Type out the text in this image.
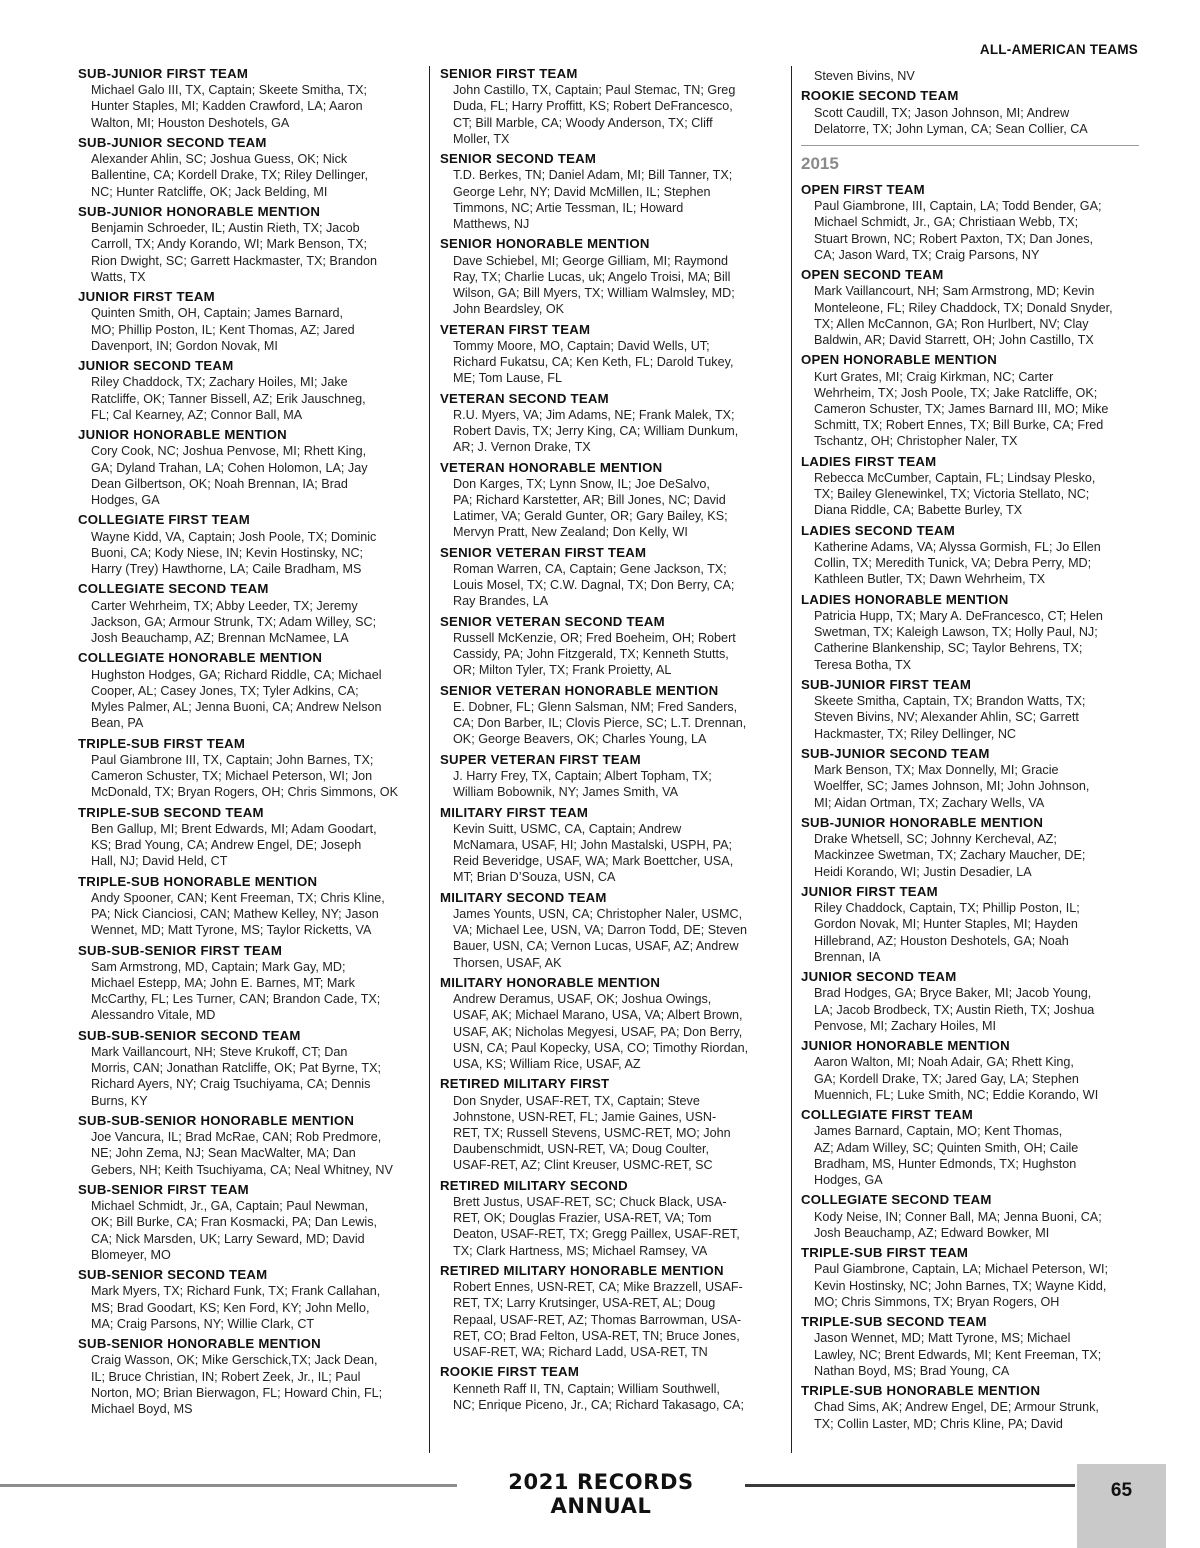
ALL-AMERICAN TEAMS
SUB-JUNIOR FIRST TEAM
Michael Galo III, TX, Captain; Skeete Smitha, TX;
Hunter Staples, MI; Kadden Crawford, LA; Aaron
Walton, MI; Houston Deshotels, GA
SUB-JUNIOR SECOND TEAM
Alexander Ahlin, SC; Joshua Guess, OK; Nick
Ballentine, CA; Kordell Drake, TX; Riley Dellinger,
NC; Hunter Ratcliffe, OK; Jack Belding, MI
SUB-JUNIOR HONORABLE MENTION
Benjamin Schroeder, IL; Austin Rieth, TX; Jacob
Carroll, TX; Andy Korando, WI; Mark Benson, TX;
Rion Dwight, SC; Garrett Hackmaster, TX; Brandon
Watts, TX
JUNIOR FIRST TEAM
Quinten Smith, OH, Captain; James Barnard,
MO; Phillip Poston, IL; Kent Thomas, AZ; Jared
Davenport, IN; Gordon Novak, MI
JUNIOR SECOND TEAM
Riley Chaddock, TX; Zachary Hoiles, MI; Jake
Ratcliffe, OK; Tanner Bissell, AZ; Erik Jauschneg,
FL; Cal Kearney, AZ; Connor Ball, MA
JUNIOR HONORABLE MENTION
Cory Cook, NC; Joshua Penvose, MI; Rhett King,
GA; Dyland Trahan, LA; Cohen Holomon, LA; Jay
Dean Gilbertson, OK; Noah Brennan, IA; Brad
Hodges, GA
COLLEGIATE FIRST TEAM
Wayne Kidd, VA, Captain; Josh Poole, TX; Dominic
Buoni, CA; Kody Niese, IN; Kevin Hostinsky, NC;
Harry (Trey) Hawthorne, LA; Caile Bradham, MS
COLLEGIATE SECOND TEAM
Carter Wehrheim, TX; Abby Leeder, TX; Jeremy
Jackson, GA; Armour Strunk, TX; Adam Willey, SC;
Josh Beauchamp, AZ; Brennan McNamee, LA
COLLEGIATE HONORABLE MENTION
Hughston Hodges, GA; Richard Riddle, CA; Michael
Cooper, AL; Casey Jones, TX; Tyler Adkins, CA;
Myles Palmer, AL; Jenna Buoni, CA; Andrew Nelson
Bean, PA
TRIPLE-SUB FIRST TEAM
Paul Giambrone III, TX, Captain; John Barnes, TX;
Cameron Schuster, TX; Michael Peterson, WI; Jon
McDonald, TX; Bryan Rogers, OH; Chris Simmons, OK
TRIPLE-SUB SECOND TEAM
Ben Gallup, MI; Brent Edwards, MI; Adam Goodart,
KS; Brad Young, CA; Andrew Engel, DE; Joseph
Hall, NJ; David Held, CT
TRIPLE-SUB HONORABLE MENTION
Andy Spooner, CAN; Kent Freeman, TX; Chris Kline,
PA; Nick Cianciosi, CAN; Mathew Kelley, NY; Jason
Wennet, MD; Matt Tyrone, MS; Taylor Ricketts, VA
SUB-SUB-SENIOR FIRST TEAM
Sam Armstrong, MD, Captain; Mark Gay, MD;
Michael Estepp, MA; John E. Barnes, MT; Mark
McCarthy, FL; Les Turner, CAN; Brandon Cade, TX;
Alessandro Vitale, MD
SUB-SUB-SENIOR SECOND TEAM
Mark Vaillancourt, NH; Steve Krukoff, CT; Dan
Morris, CAN; Jonathan Ratcliffe, OK; Pat Byrne, TX;
Richard Ayers, NY; Craig Tsuchiyama, CA; Dennis
Burns, KY
SUB-SUB-SENIOR HONORABLE MENTION
Joe Vancura, IL; Brad McRae, CAN; Rob Predmore,
NE; John Zema, NJ; Sean MacWalter, MA; Dan
Gebers, NH; Keith Tsuchiyama, CA; Neal Whitney, NV
SUB-SENIOR FIRST TEAM
Michael Schmidt, Jr., GA, Captain; Paul Newman,
OK; Bill Burke, CA; Fran Kosmacki, PA; Dan Lewis,
CA; Nick Marsden, UK; Larry Seward, MD; David
Blomeyer, MO
SUB-SENIOR SECOND TEAM
Mark Myers, TX; Richard Funk, TX; Frank Callahan,
MS; Brad Goodart, KS; Ken Ford, KY; John Mello,
MA; Craig Parsons, NY; Willie Clark, CT
SUB-SENIOR HONORABLE MENTION
Craig Wasson, OK; Mike Gerschick,TX; Jack Dean,
IL; Bruce Christian, IN; Robert Zeek, Jr., IL; Paul
Norton, MO; Brian Bierwagon, FL; Howard Chin, FL;
Michael Boyd, MS
SENIOR FIRST TEAM
John Castillo, TX, Captain; Paul Stemac, TN; Greg
Duda, FL; Harry Proffitt, KS; Robert DeFrancesco,
CT; Bill Marble, CA; Woody Anderson, TX; Cliff
Moller, TX
SENIOR SECOND TEAM
T.D. Berkes, TN; Daniel Adam, MI; Bill Tanner, TX;
George Lehr, NY; David McMillen, IL; Stephen
Timmons, NC; Artie Tessman, IL; Howard
Matthews, NJ
SENIOR HONORABLE MENTION
Dave Schiebel, MI; George Gilliam, MI; Raymond
Ray, TX; Charlie Lucas, uk; Angelo Troisi, MA; Bill
Wilson, GA; Bill Myers, TX; William Walmsley, MD;
John Beardsley, OK
VETERAN FIRST TEAM
Tommy Moore, MO, Captain; David Wells, UT;
Richard Fukatsu, CA; Ken Keth, FL; Darold Tukey,
ME; Tom Lause, FL
VETERAN SECOND TEAM
R.U. Myers, VA; Jim Adams, NE; Frank Malek, TX;
Robert Davis, TX; Jerry King, CA; William Dunkum,
AR; J. Vernon Drake, TX
VETERAN HONORABLE MENTION
Don Karges, TX; Lynn Snow, IL; Joe DeSalvo,
PA; Richard Karstetter, AR; Bill Jones, NC; David
Latimer, VA; Gerald Gunter, OR; Gary Bailey, KS;
Mervyn Pratt, New Zealand; Don Kelly, WI
SENIOR VETERAN FIRST TEAM
Roman Warren, CA, Captain; Gene Jackson, TX;
Louis Mosel, TX; C.W. Dagnal, TX; Don Berry, CA;
Ray Brandes, LA
SENIOR VETERAN SECOND TEAM
Russell McKenzie, OR; Fred Boeheim, OH; Robert
Cassidy, PA; John Fitzgerald, TX; Kenneth Stutts,
OR; Milton Tyler, TX; Frank Proietty, AL
SENIOR VETERAN HONORABLE MENTION
E. Dobner, FL; Glenn Salsman, NM; Fred Sanders,
CA; Don Barber, IL; Clovis Pierce, SC; L.T. Drennan,
OK; George Beavers, OK; Charles Young, LA
SUPER VETERAN FIRST TEAM
J. Harry Frey, TX, Captain; Albert Topham, TX;
William Bobownik, NY; James Smith, VA
MILITARY FIRST TEAM
Kevin Suitt, USMC, CA, Captain; Andrew
McNamara, USAF, HI; John Mastalski, USPH, PA;
Reid Beveridge, USAF, WA; Mark Boettcher, USA,
MT; Brian D’Souza, USN, CA
MILITARY SECOND TEAM
James Younts, USN, CA; Christopher Naler, USMC,
VA; Michael Lee, USN, VA; Darron Todd, DE; Steven
Bauer, USN, CA; Vernon Lucas, USAF, AZ; Andrew
Thorsen, USAF, AK
MILITARY HONORABLE MENTION
Andrew Deramus, USAF, OK; Joshua Owings,
USAF, AK; Michael Marano, USA, VA; Albert Brown,
USAF, AK; Nicholas Megyesi, USAF, PA; Don Berry,
USN, CA; Paul Kopecky, USA, CO; Timothy Riordan,
USA, KS; William Rice, USAF, AZ
RETIRED MILITARY FIRST
Don Snyder, USAF-RET, TX, Captain; Steve
Johnstone, USN-RET, FL; Jamie Gaines, USN-
RET, TX; Russell Stevens, USMC-RET, MO; John
Daubenschmidt, USN-RET, VA; Doug Coulter,
USAF-RET, AZ; Clint Kreuser, USMC-RET, SC
RETIRED MILITARY SECOND
Brett Justus, USAF-RET, SC; Chuck Black, USA-
RET, OK; Douglas Frazier, USA-RET, VA; Tom
Deaton, USAF-RET, TX; Gregg Paillex, USAF-RET,
TX; Clark Hartness, MS; Michael Ramsey, VA
RETIRED MILITARY HONORABLE MENTION
Robert Ennes, USN-RET, CA; Mike Brazzell, USAF-
RET, TX; Larry Krutsinger, USA-RET, AL; Doug
Repaal, USAF-RET, AZ; Thomas Barrowman, USA-
RET, CO; Brad Felton, USA-RET, TN; Bruce Jones,
USAF-RET, WA; Richard Ladd, USA-RET, TN
ROOKIE FIRST TEAM
Kenneth Raff II, TN, Captain; William Southwell,
NC; Enrique Piceno, Jr., CA; Richard Takasago, CA;
Steven Bivins, NV
ROOKIE SECOND TEAM
Scott Caudill, TX; Jason Johnson, MI; Andrew
Delatorre, TX; John Lyman, CA; Sean Collier, CA
2015
OPEN FIRST TEAM
Paul Giambrone, III, Captain, LA; Todd Bender, GA;
Michael Schmidt, Jr., GA; Christiaan Webb, TX;
Stuart Brown, NC; Robert Paxton, TX; Dan Jones,
CA; Jason Ward, TX; Craig Parsons, NY
OPEN SECOND TEAM
Mark Vaillancourt, NH; Sam Armstrong, MD; Kevin
Monteleone, FL; Riley Chaddock, TX; Donald Snyder,
TX; Allen McCannon, GA; Ron Hurlbert, NV; Clay
Baldwin, AR; David Starrett, OH; John Castillo, TX
OPEN HONORABLE MENTION
Kurt Grates, MI; Craig Kirkman, NC; Carter
Wehrheim, TX; Josh Poole, TX; Jake Ratcliffe, OK;
Cameron Schuster, TX; James Barnard III, MO; Mike
Schmitt, TX; Robert Ennes, TX; Bill Burke, CA; Fred
Tschantz, OH; Christopher Naler, TX
LADIES FIRST TEAM
Rebecca McCumber, Captain, FL; Lindsay Plesko,
TX; Bailey Glenewinkel, TX; Victoria Stellato, NC;
Diana Riddle, CA; Babette Burley, TX
LADIES SECOND TEAM
Katherine Adams, VA; Alyssa Gormish, FL; Jo Ellen
Collin, TX; Meredith Tunick, VA; Debra Perry, MD;
Kathleen Butler, TX; Dawn Wehrheim, TX
LADIES HONORABLE MENTION
Patricia Hupp, TX; Mary A. DeFrancesco, CT; Helen
Swetman, TX; Kaleigh Lawson, TX; Holly Paul, NJ;
Catherine Blankenship, SC; Taylor Behrens, TX;
Teresa Botha, TX
SUB-JUNIOR FIRST TEAM
Skeete Smitha, Captain, TX; Brandon Watts, TX;
Steven Bivins, NV; Alexander Ahlin, SC; Garrett
Hackmaster, TX; Riley Dellinger, NC
SUB-JUNIOR SECOND TEAM
Mark Benson, TX; Max Donnelly, MI; Gracie
Woelffer, SC; James Johnson, MI; John Johnson,
MI; Aidan Ortman, TX; Zachary Wells, VA
SUB-JUNIOR HONORABLE MENTION
Drake Whetsell, SC; Johnny Kercheval, AZ;
Mackinzee Swetman, TX; Zachary Maucher, DE;
Heidi Korando, WI; Justin Desadier, LA
JUNIOR FIRST TEAM
Riley Chaddock, Captain, TX; Phillip Poston, IL;
Gordon Novak, MI; Hunter Staples, MI; Hayden
Hillebrand, AZ; Houston Deshotels, GA; Noah
Brennan, IA
JUNIOR SECOND TEAM
Brad Hodges, GA; Bryce Baker, MI; Jacob Young,
LA; Jacob Brodbeck, TX; Austin Rieth, TX; Joshua
Penvose, MI; Zachary Hoiles, MI
JUNIOR HONORABLE MENTION
Aaron Walton, MI; Noah Adair, GA; Rhett King,
GA; Kordell Drake, TX; Jared Gay, LA; Stephen
Muennich, FL; Luke Smith, NC; Eddie Korando, WI
COLLEGIATE FIRST TEAM
James Barnard, Captain, MO; Kent Thomas,
AZ; Adam Willey, SC; Quinten Smith, OH; Caile
Bradham, MS, Hunter Edmonds, TX; Hughston
Hodges, GA
COLLEGIATE SECOND TEAM
Kody Neise, IN; Conner Ball, MA; Jenna Buoni, CA;
Josh Beauchamp, AZ; Edward Bowker, MI
TRIPLE-SUB FIRST TEAM
Paul Giambrone, Captain, LA; Michael Peterson, WI;
Kevin Hostinsky, NC; John Barnes, TX; Wayne Kidd,
MO; Chris Simmons, TX; Bryan Rogers, OH
TRIPLE-SUB SECOND TEAM
Jason Wennet, MD; Matt Tyrone, MS; Michael
Lawley, NC; Brent Edwards, MI; Kent Freeman, TX;
Nathan Boyd, MS; Brad Young, CA
TRIPLE-SUB HONORABLE MENTION
Chad Sims, AK; Andrew Engel, DE; Armour Strunk,
TX; Collin Laster, MD; Chris Kline, PA; David
2021 RECORDS ANNUAL
65
